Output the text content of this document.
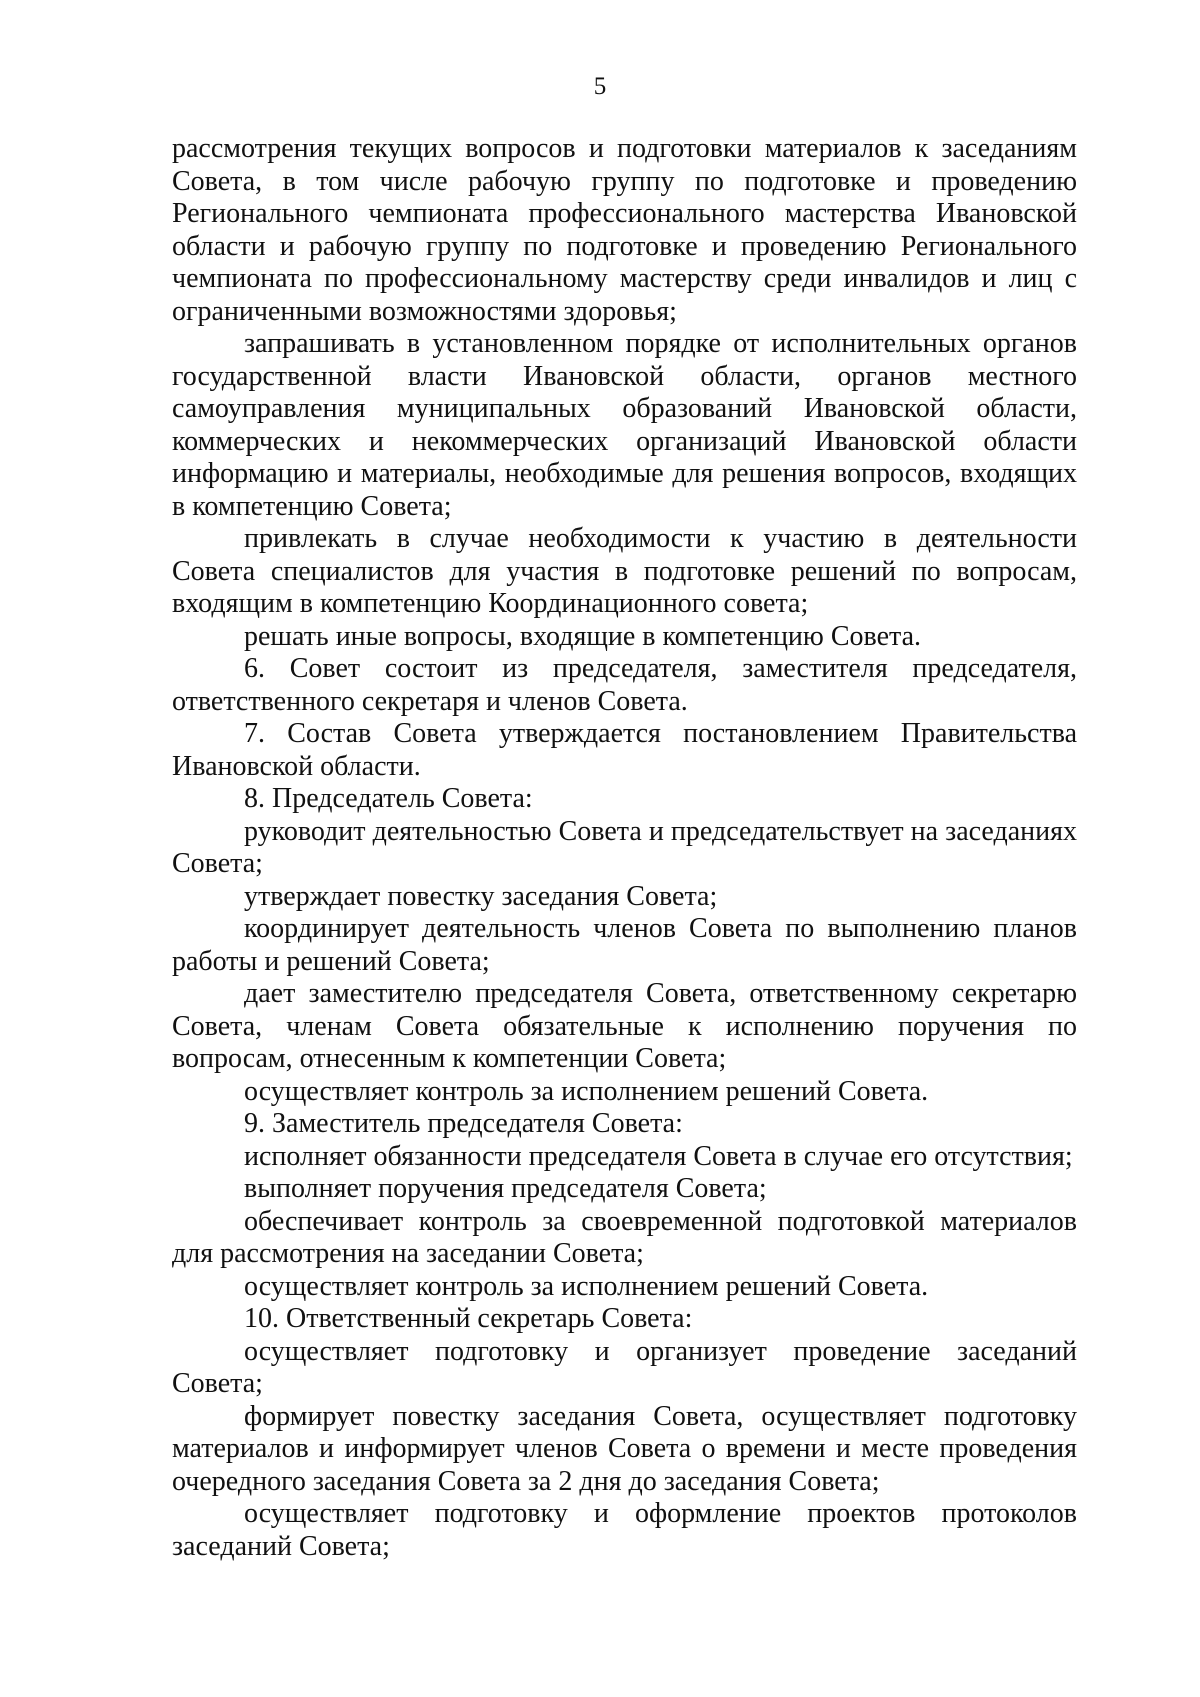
5

рассмотрения текущих вопросов и подготовки материалов к заседаниям Совета, в том числе рабочую группу по подготовке и проведению Регионального чемпионата профессионального мастерства Ивановской области и рабочую группу по подготовке и проведению Регионального чемпионата по профессиональному мастерству среди инвалидов и лиц с ограниченными возможностями здоровья;

запрашивать в установленном порядке от исполнительных органов государственной власти Ивановской области, органов местного самоуправления муниципальных образований Ивановской области, коммерческих и некоммерческих организаций Ивановской области информацию и материалы, необходимые для решения вопросов, входящих в компетенцию Совета;

привлекать в случае необходимости к участию в деятельности Совета специалистов для участия в подготовке решений по вопросам, входящим в компетенцию Координационного совета;

решать иные вопросы, входящие в компетенцию Совета.

6. Совет состоит из председателя, заместителя председателя, ответственного секретаря и членов Совета.

7. Состав Совета утверждается постановлением Правительства Ивановской области.

8. Председатель Совета:

руководит деятельностью Совета и председательствует на заседаниях Совета;

утверждает повестку заседания Совета;

координирует деятельность членов Совета по выполнению планов работы и решений Совета;

дает заместителю председателя Совета, ответственному секретарю Совета, членам Совета обязательные к исполнению поручения по вопросам, отнесенным к компетенции Совета;

осуществляет контроль за исполнением решений Совета.

9. Заместитель председателя Совета:

исполняет обязанности председателя Совета в случае его отсутствия;

выполняет поручения председателя Совета;

обеспечивает контроль за своевременной подготовкой материалов для рассмотрения на заседании Совета;

осуществляет контроль за исполнением решений Совета.

10. Ответственный секретарь Совета:

осуществляет подготовку и организует проведение заседаний Совета;

формирует повестку заседания Совета, осуществляет подготовку материалов и информирует членов Совета о времени и месте проведения очередного заседания Совета за 2 дня до заседания Совета;

осуществляет подготовку и оформление проектов протоколов заседаний Совета;
